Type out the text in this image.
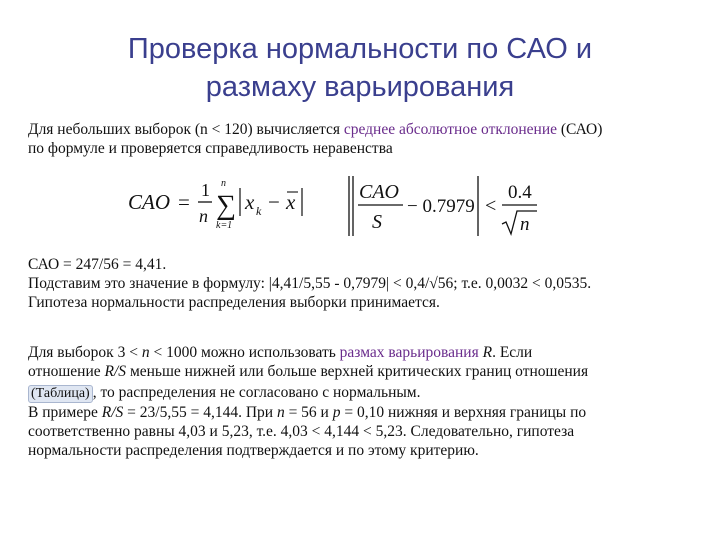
Проверка нормальности по САО и
размаху варьирования
Для небольших выборок (n < 120) вычисляется среднее абсолютное отклонение (САО)
по формуле и проверяется справедливость неравенства
CAO = 1
n
n
∑
k=1
x k − x	CAO
S
− 0.7979 <
0.4
n
САО = 247/56 = 4,41.
Подставим это значение в формулу: |4,41/5,55 - 0,7979| < 0,4/√56; т.е. 0,0032 < 0,0535.
Гипотеза нормальности распределения выборки принимается.
Для выборок 3 < n < 1000 можно использовать размах варьирования R. Если
отношение R/S меньше нижней или больше верхней критических границ отношения
(Таблица) , то распределения не согласовано с нормальным.
В примере R/S = 23/5,55 = 4,144. При n = 56 и p = 0,10 нижняя и верхняя границы по
соответственно равны 4,03 и 5,23, т.е. 4,03 < 4,144 < 5,23. Следовательно, гипотеза
нормальности распределения подтверждается и по этому критерию.
